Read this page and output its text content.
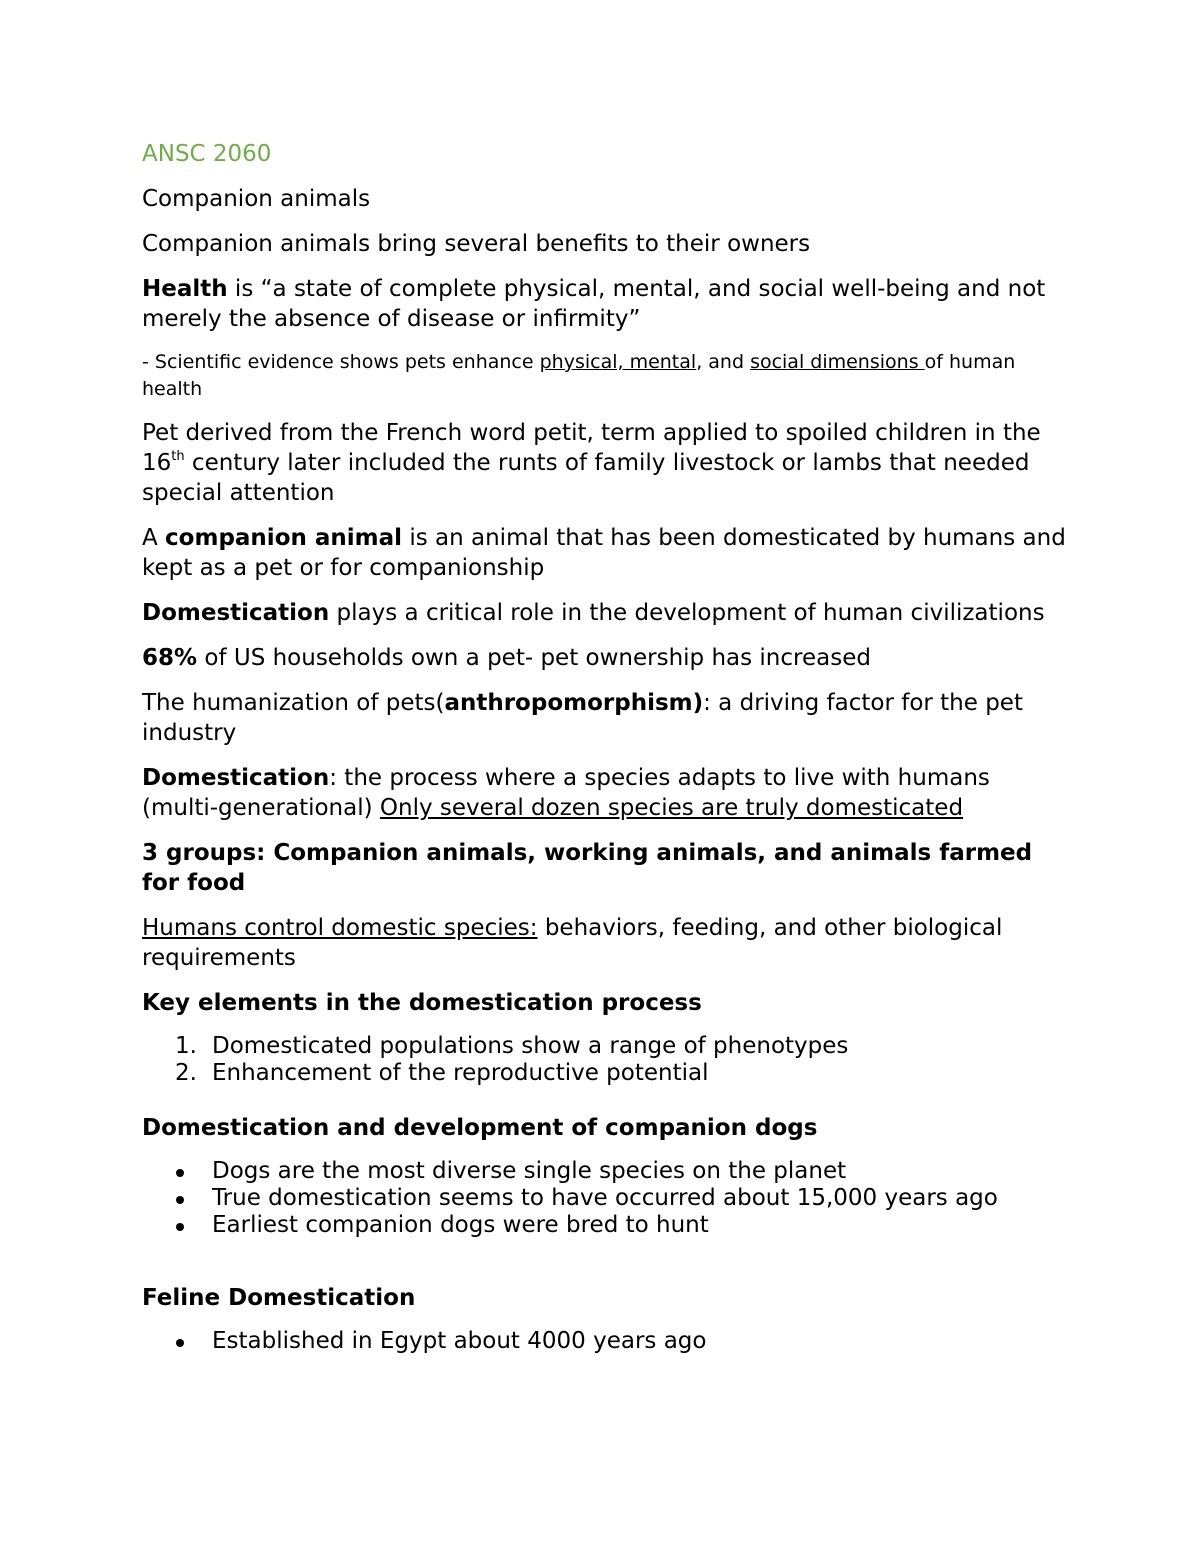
ANSC 2060

Companion animals

Companion animals bring several benefits to their owners

Health is “a state of complete physical, mental, and social well-being and not merely the absence of disease or infirmity”

- Scientific evidence shows pets enhance physical, mental, and social dimensions of human health

Pet derived from the French word petit, term applied to spoiled children in the 16th century later included the runts of family livestock or lambs that needed special attention

A companion animal is an animal that has been domesticated by humans and kept as a pet or for companionship

Domestication plays a critical role in the development of human civilizations

68% of US households own a pet- pet ownership has increased

The humanization of pets(anthropomorphism): a driving factor for the pet industry

Domestication: the process where a species adapts to live with humans (multi-generational) Only several dozen species are truly domesticated

3 groups: Companion animals, working animals, and animals farmed for food

Humans control domestic species: behaviors, feeding, and other biological requirements

Key elements in the domestication process

1. Domesticated populations show a range of phenotypes
2. Enhancement of the reproductive potential

Domestication and development of companion dogs

Dogs are the most diverse single species on the planet
True domestication seems to have occurred about 15,000 years ago
Earliest companion dogs were bred to hunt

Feline Domestication

Established in Egypt about 4000 years ago
